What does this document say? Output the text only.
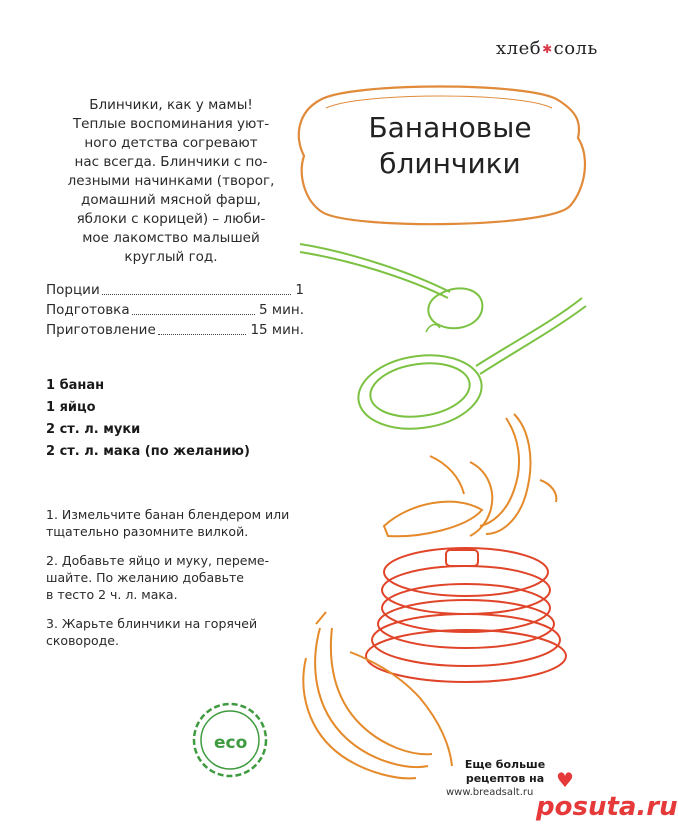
хлеб✱соль
Банановые
блинчики
Блинчики, как у мамы!
Теплые воспоминания уют-
ного детства согревают
нас всегда. Блинчики с по-
лезными начинками (творог,
домашний мясной фарш,
яблоки с корицей) – люби-
мое лакомство малышей
круглый год.
Порции	1
Подготовка	5 мин.
Приготовление	15 мин.
1 банан
1 яйцо
2 ст. л. муки
2 ст. л. мака (по желанию)

1. Измельчите банан блендером или
тщательно разомните вилкой.

2. Добавьте яйцо и муку, переме-
шайте. По желанию добавьте
в тесто 2 ч. л. мака.

3. Жарьте блинчики на горячей
сковороде.

eco
Еще больше
рецептов на
www.breadsalt.ru
♥
posuta.ru
